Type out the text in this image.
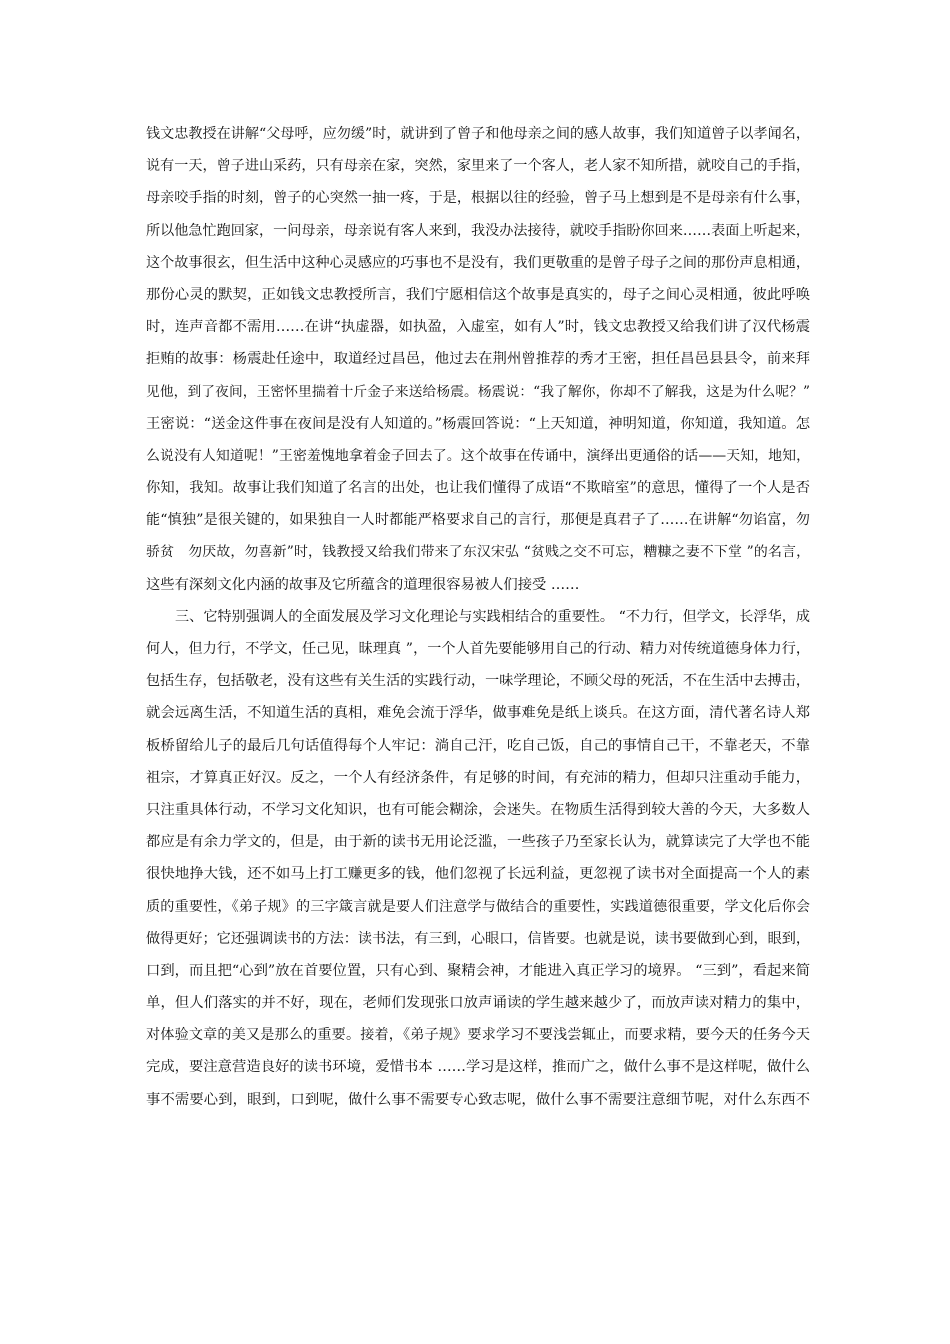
钱文忠教授在讲解“父母呼，应勿缓”时，就讲到了曾子和他母亲之间的感人故事，我们知道曾子以孝闻名，
说有一天，曾子进山采药，只有母亲在家，突然，家里来了一个客人，老人家不知所措，就咬自己的手指，
母亲咬手指的时刻，曾子的心突然一抽一疼，于是，根据以往的经验，曾子马上想到是不是母亲有什么事，
所以他急忙跑回家，一问母亲，母亲说有客人来到，我没办法接待，就咬手指盼你回来……表面上听起来，
这个故事很玄，但生活中这种心灵感应的巧事也不是没有，我们更敬重的是曾子母子之间的那份声息相通，
那份心灵的默契，正如钱文忠教授所言，我们宁愿相信这个故事是真实的，母子之间心灵相通，彼此呼唤
时，连声音都不需用……在讲“执虚器，如执盈，入虚室，如有人”时，钱文忠教授又给我们讲了汉代杨震
拒贿的故事：杨震赴任途中，取道经过昌邑，他过去在荆州曾推荐的秀才王密，担任昌邑县县令，前来拜
见他，到了夜间，王密怀里揣着十斤金子来送给杨震。杨震说：“我了解你，你却不了解我，这是为什么呢？”
王密说：“送金这件事在夜间是没有人知道的。”杨震回答说：“上天知道，神明知道，你知道，我知道。怎
么说没有人知道呢！”王密羞愧地拿着金子回去了。这个故事在传诵中，演绎出更通俗的话——天知，地知，
你知，我知。故事让我们知道了名言的出处，也让我们懂得了成语“不欺暗室”的意思，懂得了一个人是否
能“慎独”是很关键的，如果独自一人时都能严格要求自己的言行，那便是真君子了……在讲解“勿谄富，勿
骄贫　勿厌故，勿喜新”时，钱教授又给我们带来了东汉宋弘 “贫贱之交不可忘，糟糠之妻不下堂 ”的名言，
这些有深刻文化内涵的故事及它所蕴含的道理很容易被人们接受 ……
三、它特别强调人的全面发展及学习文化理论与实践相结合的重要性。 “不力行，但学文，长浮华，成
何人，但力行，不学文，任己见，昧理真 ”，一个人首先要能够用自己的行动、精力对传统道德身体力行，
包括生存，包括敬老，没有这些有关生活的实践行动，一味学理论，不顾父母的死活，不在生活中去搏击，
就会远离生活，不知道生活的真相，难免会流于浮华，做事难免是纸上谈兵。在这方面，清代著名诗人郑
板桥留给儿子的最后几句话值得每个人牢记：淌自己汗，吃自己饭，自己的事情自己干，不靠老天，不靠
祖宗，才算真正好汉。反之，一个人有经济条件，有足够的时间，有充沛的精力，但却只注重动手能力，
只注重具体行动，不学习文化知识，也有可能会糊涂，会迷失。在物质生活得到较大善的今天，大多数人
都应是有余力学文的，但是，由于新的读书无用论泛滥，一些孩子乃至家长认为，就算读完了大学也不能
很快地挣大钱，还不如马上打工赚更多的钱，他们忽视了长远利益，更忽视了读书对全面提高一个人的素
质的重要性，《弟子规》的三字箴言就是要人们注意学与做结合的重要性，实践道德很重要，学文化后你会
做得更好；它还强调读书的方法：读书法，有三到，心眼口，信皆要。也就是说，读书要做到心到，眼到，
口到，而且把“心到”放在首要位置，只有心到、聚精会神，才能进入真正学习的境界。 “三到”，看起来简
单，但人们落实的并不好，现在，老师们发现张口放声诵读的学生越来越少了，而放声读对精力的集中，
对体验文章的美又是那么的重要。接着，《弟子规》要求学习不要浅尝辄止，而要求精，要今天的任务今天
完成，要注意营造良好的读书环境，爱惜书本 ……学习是这样，推而广之，做什么事不是这样呢，做什么
事不需要心到，眼到，口到呢，做什么事不需要专心致志呢，做什么事不需要注意细节呢，对什么东西不
